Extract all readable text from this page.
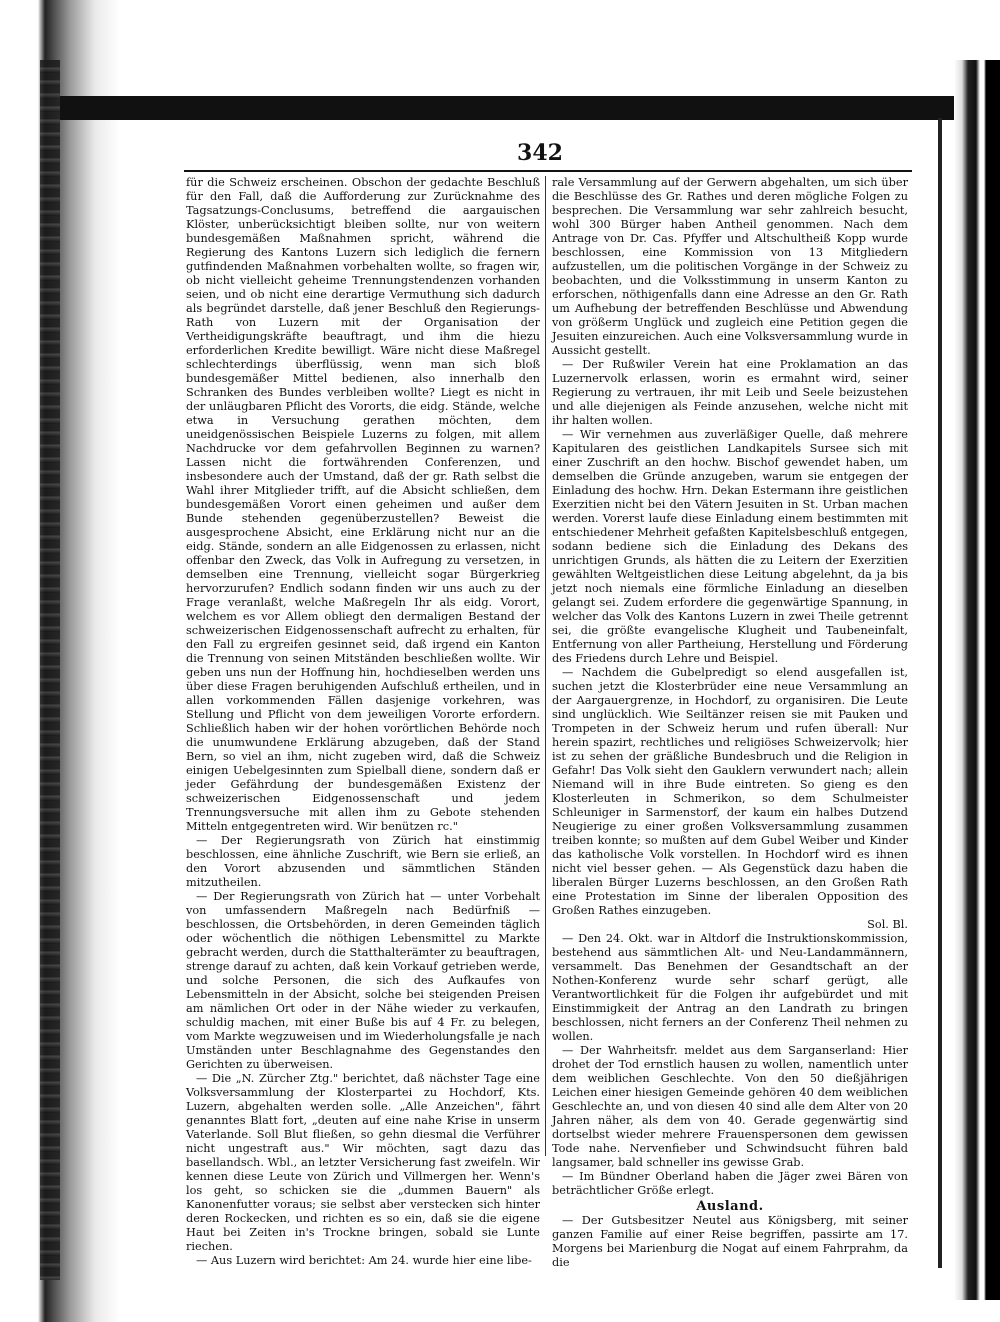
342

für die Schweiz erscheinen. Obschon der gedachte Beschluß für den Fall, daß die Aufforderung zur Zurücknahme des Tagsatzungs-Conclusums, betreffend die aargauischen Klöster, unberücksichtigt bleiben sollte, nur von weitern bundesgemäßen Maßnahmen spricht, während die Regierung des Kantons Luzern sich lediglich die fernern gutfindenden Maßnahmen vorbehalten wollte, so fragen wir, ob nicht vielleicht geheime Trennungstendenzen vorhanden seien, und ob nicht eine derartige Vermuthung sich dadurch als begründet darstelle, daß jener Beschluß den Regierungs-Rath von Luzern mit der Organisation der Vertheidigungskräfte beauftragt, und ihm die hiezu erforderlichen Kredite bewilligt. Wäre nicht diese Maßregel schlechterdings überflüssig, wenn man sich bloß bundesgemäßer Mittel bedienen, also innerhalb den Schranken des Bundes verbleiben wollte? Liegt es nicht in der unläugbaren Pflicht des Vororts, die eidg. Stände, welche etwa in Versuchung gerathen möchten, dem uneidgenössischen Beispiele Luzerns zu folgen, mit allem Nachdrucke vor dem gefahrvollen Beginnen zu warnen? Lassen nicht die fortwährenden Conferenzen, und insbesondere auch der Umstand, daß der gr. Rath selbst die Wahl ihrer Mitglieder trifft, auf die Absicht schließen, dem bundesgemäßen Vorort einen geheimen und außer dem Bunde stehenden gegenüberzustellen? Beweist die ausgesprochene Absicht, eine Erklärung nicht nur an die eidg. Stände, sondern an alle Eidgenossen zu erlassen, nicht offenbar den Zweck, das Volk in Aufregung zu versetzen, in demselben eine Trennung, vielleicht sogar Bürgerkrieg hervorzurufen? Endlich sodann finden wir uns auch zu der Frage veranlaßt, welche Maßregeln Ihr als eidg. Vorort, welchem es vor Allem obliegt den dermaligen Bestand der schweizerischen Eidgenossenschaft aufrecht zu erhalten, für den Fall zu ergreifen gesinnet seid, daß irgend ein Kanton die Trennung von seinen Mitständen beschließen wollte. Wir geben uns nun der Hoffnung hin, hochdieselben werden uns über diese Fragen beruhigenden Aufschluß ertheilen, und in allen vorkommenden Fällen dasjenige vorkehren, was Stellung und Pflicht von dem jeweiligen Vororte erfordern. Schließlich haben wir der hohen vorörtlichen Behörde noch die unumwundene Erklärung abzugeben, daß der Stand Bern, so viel an ihm, nicht zugeben wird, daß die Schweiz einigen Uebelgesinnten zum Spielball diene, sondern daß er jeder Gefährdung der bundesgemäßen Existenz der schweizerischen Eidgenossenschaft und jedem Trennungsversuche mit allen ihm zu Gebote stehenden Mitteln entgegentreten wird. Wir benützen rc."

— Der Regierungsrath von Zürich hat einstimmig beschlossen, eine ähnliche Zuschrift, wie Bern sie erließ, an den Vorort abzusenden und sämmtlichen Ständen mitzutheilen.

— Der Regierungsrath von Zürich hat — unter Vorbehalt von umfassendern Maßregeln nach Bedürfniß — beschlossen, die Ortsbehörden, in deren Gemeinden täglich oder wöchentlich die nöthigen Lebensmittel zu Markte gebracht werden, durch die Statthalterämter zu beauftragen, strenge darauf zu achten, daß kein Vorkauf getrieben werde, und solche Personen, die sich des Aufkaufes von Lebensmitteln in der Absicht, solche bei steigenden Preisen am nämlichen Ort oder in der Nähe wieder zu verkaufen, schuldig machen, mit einer Buße bis auf 4 Fr. zu belegen, vom Markte wegzuweisen und im Wiederholungsfalle je nach Umständen unter Beschlagnahme des Gegenstandes den Gerichten zu überweisen.

— Die „N. Zürcher Ztg." berichtet, daß nächster Tage eine Volksversammlung der Klosterpartei zu Hochdorf, Kts. Luzern, abgehalten werden solle. „Alle Anzeichen", fährt genanntes Blatt fort, „deuten auf eine nahe Krise in unserm Vaterlande. Soll Blut fließen, so gehn diesmal die Verführer nicht ungestraft aus." Wir möchten, sagt dazu das basellandsch. Wbl., an letzter Versicherung fast zweifeln. Wir kennen diese Leute von Zürich und Villmergen her. Wenn's los geht, so schicken sie die „dummen Bauern" als Kanonenfutter voraus; sie selbst aber verstecken sich hinter deren Rockecken, und richten es so ein, daß sie die eigene Haut bei Zeiten in's Trockne bringen, sobald sie Lunte riechen.

— Aus Luzern wird berichtet: Am 24. wurde hier eine libe-

rale Versammlung auf der Gerwern abgehalten, um sich über die Beschlüsse des Gr. Rathes und deren mögliche Folgen zu besprechen. Die Versammlung war sehr zahlreich besucht, wohl 300 Bürger haben Antheil genommen. Nach dem Antrage von Dr. Cas. Pfyffer und Altschultheiß Kopp wurde beschlossen, eine Kommission von 13 Mitgliedern aufzustellen, um die politischen Vorgänge in der Schweiz zu beobachten, und die Volksstimmung in unserm Kanton zu erforschen, nöthigenfalls dann eine Adresse an den Gr. Rath um Aufhebung der betreffenden Beschlüsse und Abwendung von größerm Unglück und zugleich eine Petition gegen die Jesuiten einzureichen. Auch eine Volksversammlung wurde in Aussicht gestellt.

— Der Rußwiler Verein hat eine Proklamation an das Luzernervolk erlassen, worin es ermahnt wird, seiner Regierung zu vertrauen, ihr mit Leib und Seele beizustehen und alle diejenigen als Feinde anzusehen, welche nicht mit ihr halten wollen.

— Wir vernehmen aus zuverläßiger Quelle, daß mehrere Kapitularen des geistlichen Landkapitels Sursee sich mit einer Zuschrift an den hochw. Bischof gewendet haben, um demselben die Gründe anzugeben, warum sie entgegen der Einladung des hochw. Hrn. Dekan Estermann ihre geistlichen Exerzitien nicht bei den Vätern Jesuiten in St. Urban machen werden. Vorerst laufe diese Einladung einem bestimmten mit entschiedener Mehrheit gefaßten Kapitelsbeschluß entgegen, sodann bediene sich die Einladung des Dekans des unrichtigen Grunds, als hätten die zu Leitern der Exerzitien gewählten Weltgeistlichen diese Leitung abgelehnt, da ja bis jetzt noch niemals eine förmliche Einladung an dieselben gelangt sei. Zudem erfordere die gegenwärtige Spannung, in welcher das Volk des Kantons Luzern in zwei Theile getrennt sei, die größte evangelische Klugheit und Taubeneinfalt, Entfernung von aller Partheiung, Herstellung und Förderung des Friedens durch Lehre und Beispiel.

— Nachdem die Gubelpredigt so elend ausgefallen ist, suchen jetzt die Klosterbrüder eine neue Versammlung an der Aargauergrenze, in Hochdorf, zu organisiren. Die Leute sind unglücklich. Wie Seiltänzer reisen sie mit Pauken und Trompeten in der Schweiz herum und rufen überall: Nur herein spazirt, rechtliches und religiöses Schweizervolk; hier ist zu sehen der gräßliche Bundesbruch und die Religion in Gefahr! Das Volk sieht den Gauklern verwundert nach; allein Niemand will in ihre Bude eintreten. So gieng es den Klosterleuten in Schmerikon, so dem Schulmeister Schleuniger in Sarmenstorf, der kaum ein halbes Dutzend Neugierige zu einer großen Volksversammlung zusammen treiben konnte; so mußten auf dem Gubel Weiber und Kinder das katholische Volk vorstellen. In Hochdorf wird es ihnen nicht viel besser gehen. — Als Gegenstück dazu haben die liberalen Bürger Luzerns beschlossen, an den Großen Rath eine Protestation im Sinne der liberalen Opposition des Großen Rathes einzugeben.

Sol. Bl.

— Den 24. Okt. war in Altdorf die Instruktionskommission, bestehend aus sämmtlichen Alt- und Neu-Landammännern, versammelt. Das Benehmen der Gesandtschaft an der Nothen-Konferenz wurde sehr scharf gerügt, alle Verantwortlichkeit für die Folgen ihr aufgebürdet und mit Einstimmigkeit der Antrag an den Landrath zu bringen beschlossen, nicht ferners an der Conferenz Theil nehmen zu wollen.

— Der Wahrheitsfr. meldet aus dem Sarganserland: Hier drohet der Tod ernstlich hausen zu wollen, namentlich unter dem weiblichen Geschlechte. Von den 50 dießjährigen Leichen einer hiesigen Gemeinde gehören 40 dem weiblichen Geschlechte an, und von diesen 40 sind alle dem Alter von 20 Jahren näher, als dem von 40. Gerade gegenwärtig sind dortselbst wieder mehrere Frauenspersonen dem gewissen Tode nahe. Nervenfieber und Schwindsucht führen bald langsamer, bald schneller ins gewisse Grab.

— Im Bündner Oberland haben die Jäger zwei Bären von beträchtlicher Größe erlegt.

Ausland.

— Der Gutsbesitzer Neutel aus Königsberg, mit seiner ganzen Familie auf einer Reise begriffen, passirte am 17. Morgens bei Marienburg die Nogat auf einem Fahrprahm, da die
